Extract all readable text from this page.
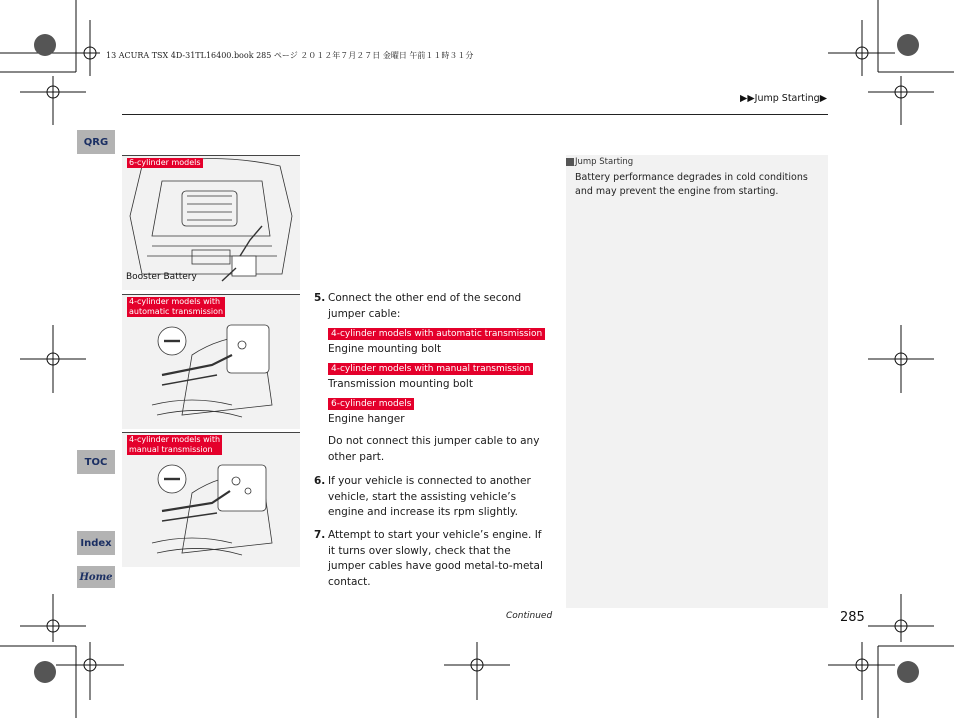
13 ACURA TSX 4D-31TL16400.book 285 ページ ２０１２年７月２７日 金曜日 午前１１時３１分
▶▶Jump Starting▶
QRG
TOC
Index
Home
6-cylinder models
Booster Battery
4-cylinder models with
automatic transmission
4-cylinder models with
manual transmission
5. Connect the other end of the second jumper cable:
4-cylinder models with automatic transmission
Engine mounting bolt
4-cylinder models with manual transmission
Transmission mounting bolt
6-cylinder models
Engine hanger
Do not connect this jumper cable to any other part.
6. If your vehicle is connected to another vehicle, start the assisting vehicle’s engine and increase its rpm slightly.
7. Attempt to start your vehicle’s engine. If it turns over slowly, check that the jumper cables have good metal-to-metal contact.
Jump Starting
Battery performance degrades in cold conditions and may prevent the engine from starting.
Continued	285
